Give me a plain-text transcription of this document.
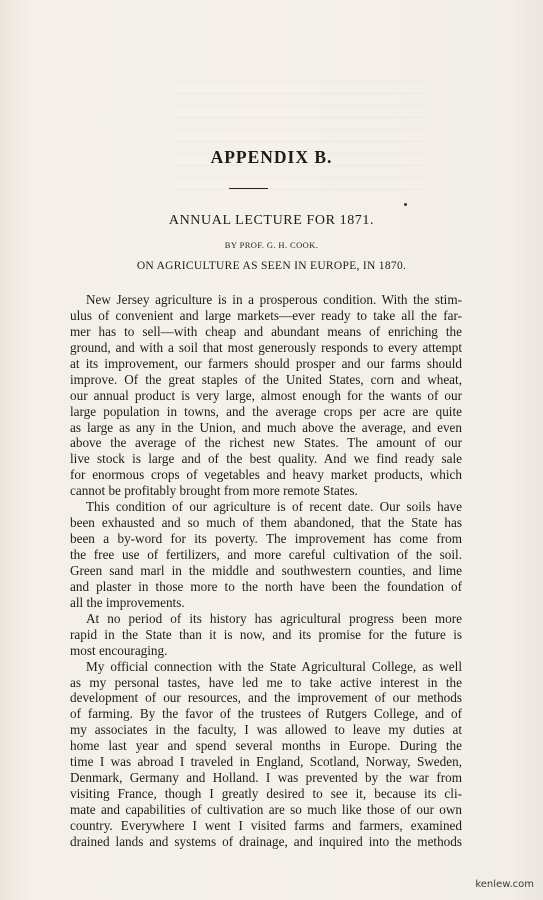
APPENDIX B.
ANNUAL LECTURE FOR 1871.
BY PROF. G. H. COOK.
ON AGRICULTURE AS SEEN IN EUROPE, IN 1870.
New Jersey agriculture is in a prosperous condition. With the stim-
ulus of convenient and large markets—ever ready to take all the far-
mer has to sell—with cheap and abundant means of enriching the
ground, and with a soil that most generously responds to every attempt
at its improvement, our farmers should prosper and our farms should
improve. Of the great staples of the United States, corn and wheat,
our annual product is very large, almost enough for the wants of our
large population in towns, and the average crops per acre are quite
as large as any in the Union, and much above the average, and even
above the average of the richest new States. The amount of our
live stock is large and of the best quality. And we find ready sale
for enormous crops of vegetables and heavy market products, which
cannot be profitably brought from more remote States.
This condition of our agriculture is of recent date. Our soils have
been exhausted and so much of them abandoned, that the State has
been a by-word for its poverty. The improvement has come from
the free use of fertilizers, and more careful cultivation of the soil.
Green sand marl in the middle and southwestern counties, and lime
and plaster in those more to the north have been the foundation of
all the improvements.
At no period of its history has agricultural progress been more
rapid in the State than it is now, and its promise for the future is
most encouraging.
My official connection with the State Agricultural College, as well
as my personal tastes, have led me to take active interest in the
development of our resources, and the improvement of our methods
of farming. By the favor of the trustees of Rutgers College, and of
my associates in the faculty, I was allowed to leave my duties at
home last year and spend several months in Europe. During the
time I was abroad I traveled in England, Scotland, Norway, Sweden,
Denmark, Germany and Holland. I was prevented by the war from
visiting France, though I greatly desired to see it, because its cli-
mate and capabilities of cultivation are so much like those of our own
country. Everywhere I went I visited farms and farmers, examined
drained lands and systems of drainage, and inquired into the methods
kenlew.com
